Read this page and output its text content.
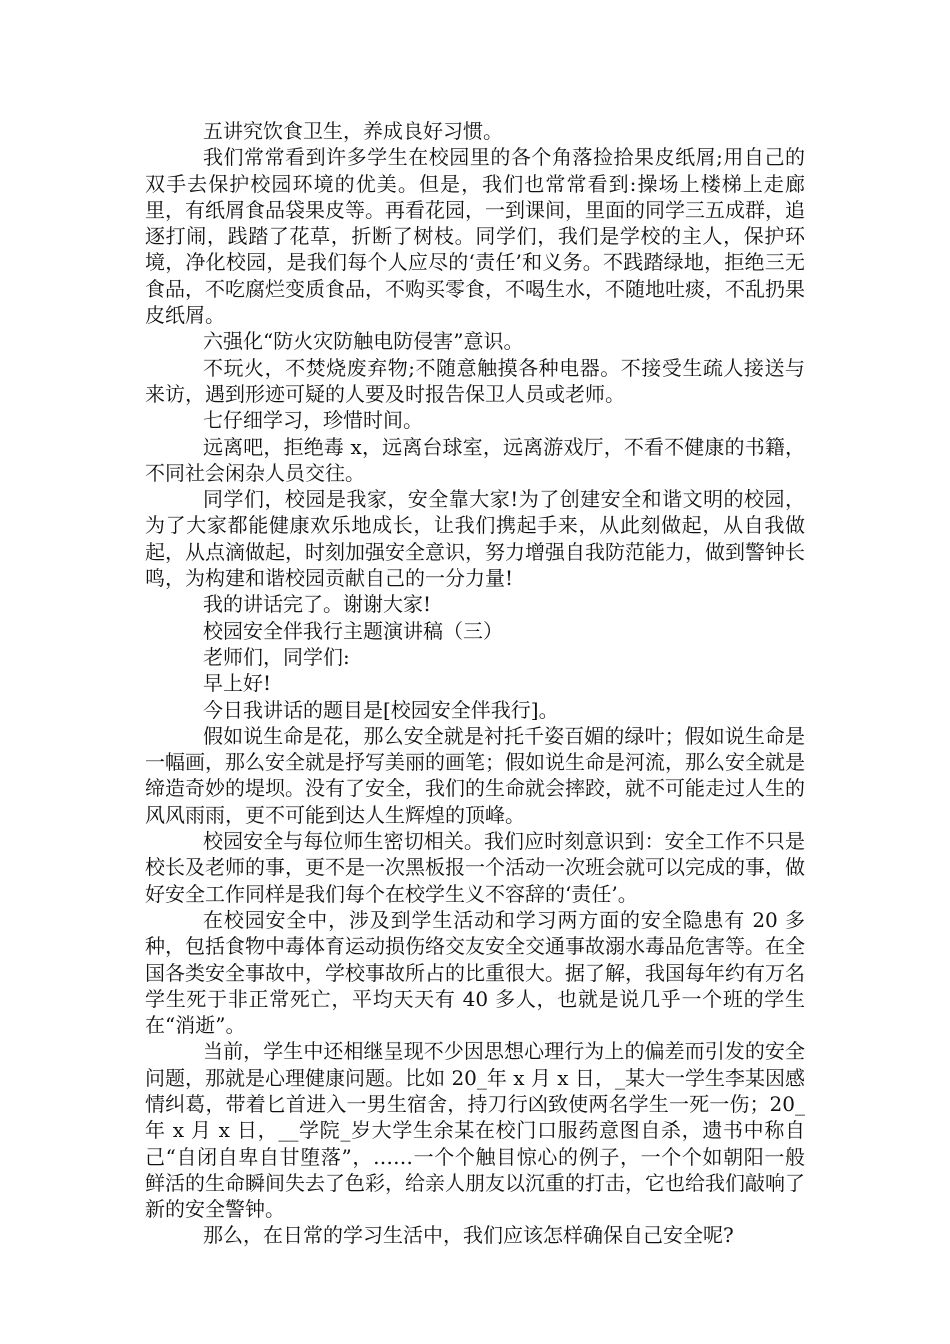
五讲究饮食卫生，养成良好习惯。

我们常常看到许多学生在校园里的各个角落捡拾果皮纸屑;用自己的双手去保护校园环境的优美。但是，我们也常常看到:操场上楼梯上走廊里，有纸屑食品袋果皮等。再看花园，一到课间，里面的同学三五成群，追逐打闹，践踏了花草，折断了树枝。同学们，我们是学校的主人，保护环境，净化校园，是我们每个人应尽的‘责任’和义务。不践踏绿地，拒绝三无食品，不吃腐烂变质食品，不购买零食，不喝生水，不随地吐痰，不乱扔果皮纸屑。

六强化“防火灾防触电防侵害”意识。

不玩火，不焚烧废弃物;不随意触摸各种电器。不接受生疏人接送与来访，遇到形迹可疑的人要及时报告保卫人员或老师。

七仔细学习，珍惜时间。

远离吧，拒绝毒 x，远离台球室，远离游戏厅，不看不健康的书籍，不同社会闲杂人员交往。

同学们，校园是我家，安全靠大家!为了创建安全和谐文明的校园，为了大家都能健康欢乐地成长，让我们携起手来，从此刻做起，从自我做起，从点滴做起，时刻加强安全意识，努力增强自我防范能力，做到警钟长鸣，为构建和谐校园贡献自己的一分力量!

我的讲话完了。谢谢大家!

校园安全伴我行主题演讲稿（三）

老师们，同学们:

早上好!

今日我讲话的题目是[校园安全伴我行]。

假如说生命是花，那么安全就是衬托千姿百媚的绿叶；假如说生命是一幅画，那么安全就是抒写美丽的画笔；假如说生命是河流，那么安全就是缔造奇妙的堤坝。没有了安全，我们的生命就会摔跤，就不可能走过人生的风风雨雨，更不可能到达人生辉煌的顶峰。

校园安全与每位师生密切相关。我们应时刻意识到：安全工作不只是校长及老师的事，更不是一次黑板报一个活动一次班会就可以完成的事，做好安全工作同样是我们每个在校学生义不容辞的‘责任’。

在校园安全中，涉及到学生活动和学习两方面的安全隐患有 20 多种，包括食物中毒体育运动损伤络交友安全交通事故溺水毒品危害等。在全国各类安全事故中，学校事故所占的比重很大。据了解，我国每年约有万名学生死于非正常死亡，平均天天有 40 多人，也就是说几乎一个班的学生在“消逝”。

当前，学生中还相继呈现不少因思想心理行为上的偏差而引发的安全问题，那就是心理健康问题。比如 20_年 x 月 x 日，_某大一学生李某因感情纠葛，带着匕首进入一男生宿舍，持刀行凶致使两名学生一死一伤；20_年 x 月 x 日，__学院_岁大学生余某在校门口服药意图自杀，遗书中称自己“自闭自卑自甘堕落”，……一个个触目惊心的例子，一个个如朝阳一般鲜活的生命瞬间失去了色彩，给亲人朋友以沉重的打击，它也给我们敲响了新的安全警钟。

那么，在日常的学习生活中，我们应该怎样确保自己安全呢?
